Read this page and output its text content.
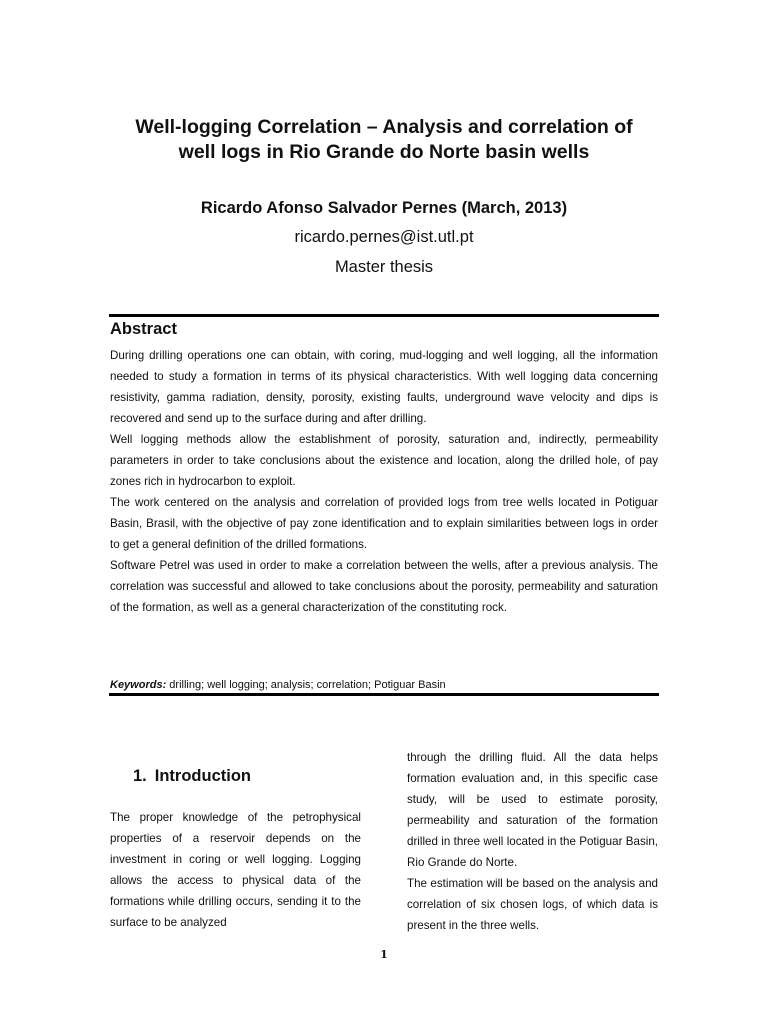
Well-logging Correlation – Analysis and correlation of
well logs in Rio Grande do Norte basin wells
Ricardo Afonso Salvador Pernes (March, 2013)
ricardo.pernes@ist.utl.pt
Master thesis
Abstract

During drilling operations one can obtain, with coring, mud-logging and well logging, all the information needed to study a formation in terms of its physical characteristics. With well logging data concerning resistivity, gamma radiation, density, porosity, existing faults, underground wave velocity and dips is recovered and send up to the surface during and after drilling.

Well logging methods allow the establishment of porosity, saturation and, indirectly, permeability parameters in order to take conclusions about the existence and location, along the drilled hole, of pay zones rich in hydrocarbon to exploit.

The work centered on the analysis and correlation of provided logs from tree wells located in Potiguar Basin, Brasil, with the objective of pay zone identification and to explain similarities between logs in order to get a general definition of the drilled formations.

Software Petrel was used in order to make a correlation between the wells, after a previous analysis. The correlation was successful and allowed to take conclusions about the porosity, permeability and saturation of the formation, as well as a general characterization of the constituting rock.

Keywords: drilling; well logging; analysis; correlation; Potiguar Basin
1. Introduction

The proper knowledge of the petrophysical properties of a reservoir depends on the investment in coring or well logging. Logging allows the access to physical data of the formations while drilling occurs, sending it to the surface to be analyzed

through the drilling fluid. All the data helps formation evaluation and, in this specific case study, will be used to estimate porosity, permeability and saturation of the formation drilled in three well located in the Potiguar Basin, Rio Grande do Norte.

The estimation will be based on the analysis and correlation of six chosen logs, of which data is present in the three wells.

1
